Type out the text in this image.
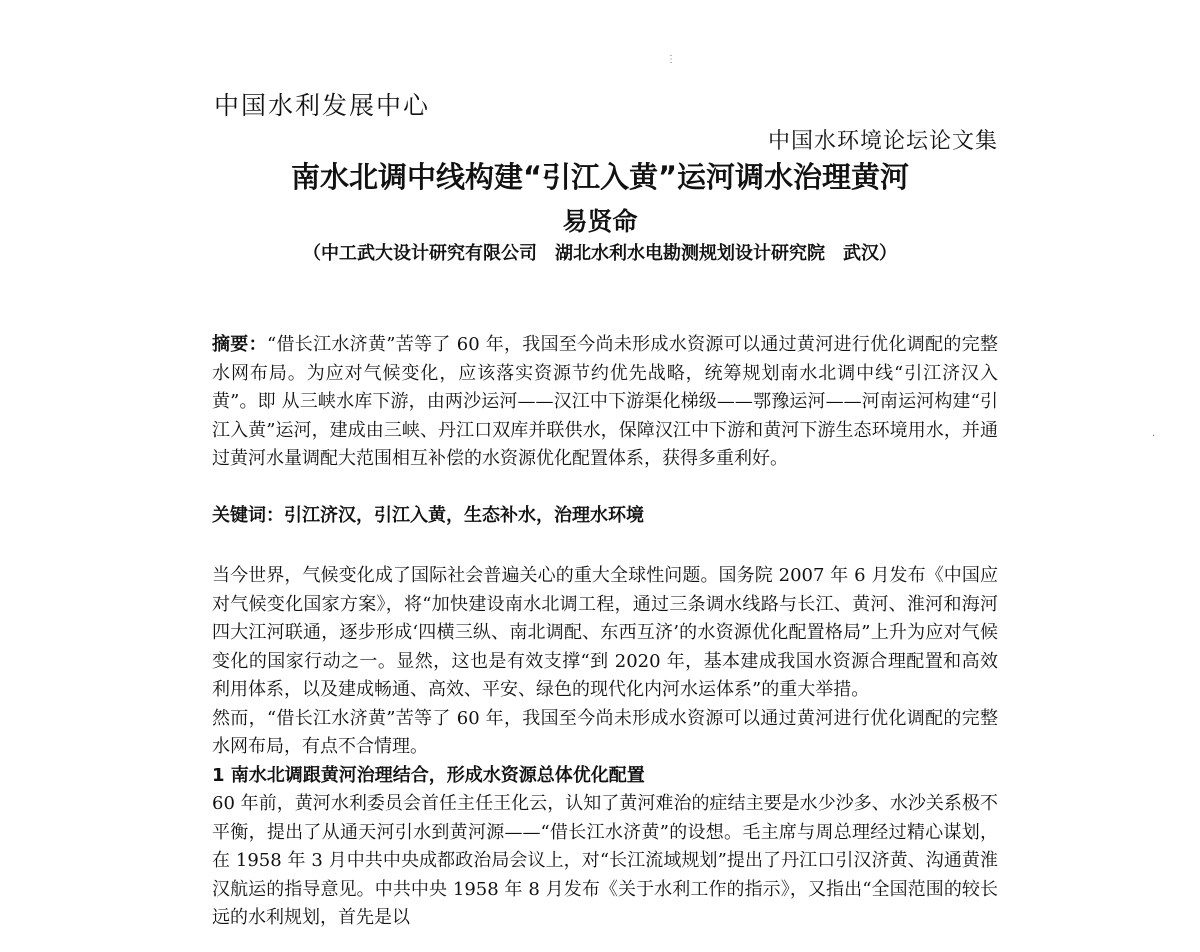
⋮
·
中国水利发展中心
中国水环境论坛论文集
南水北调中线构建“引江入黄”运河调水治理黄河
易贤命
（中工武大设计研究有限公司　湖北水利水电勘测规划设计研究院　武汉）

摘要：“借长江水济黄”苦等了 60 年，我国至今尚未形成水资源可以通过黄河进行优化调配的完整水网布局。为应对气候变化，应该落实资源节约优先战略，统筹规划南水北调中线“引江济汉入黄”。即 从三峡水库下游，由两沙运河——汉江中下游渠化梯级——鄂豫运河——河南运河构建“引江入黄”运河，建成由三峡、丹江口双库并联供水，保障汉江中下游和黄河下游生态环境用水，并通过黄河水量调配大范围相互补偿的水资源优化配置体系，获得多重利好。

关键词：引江济汉，引江入黄，生态补水，治理水环境

当今世界，气候变化成了国际社会普遍关心的重大全球性问题。国务院 2007 年 6 月发布《中国应对气候变化国家方案》，将“加快建设南水北调工程，通过三条调水线路与长江、黄河、淮河和海河四大江河联通，逐步形成‘四横三纵、南北调配、东西互济’的水资源优化配置格局”上升为应对气候变化的国家行动之一。显然，这也是有效支撑“到 2020 年，基本建成我国水资源合理配置和高效利用体系，以及建成畅通、高效、平安、绿色的现代化内河水运体系”的重大举措。

然而，“借长江水济黄”苦等了 60 年，我国至今尚未形成水资源可以通过黄河进行优化调配的完整水网布局，有点不合情理。

1 南水北调跟黄河治理结合，形成水资源总体优化配置

60 年前，黄河水利委员会首任主任王化云，认知了黄河难治的症结主要是水少沙多、水沙关系极不平衡，提出了从通天河引水到黄河源——“借长江水济黄”的设想。毛主席与周总理经过精心谋划，在 1958 年 3 月中共中央成都政治局会议上，对“长江流域规划”提出了丹江口引汉济黄、沟通黄淮汉航运的指导意见。中共中央 1958 年 8 月发布《关于水利工作的指示》，又指出“全国范围的较长远的水利规划，首先是以
